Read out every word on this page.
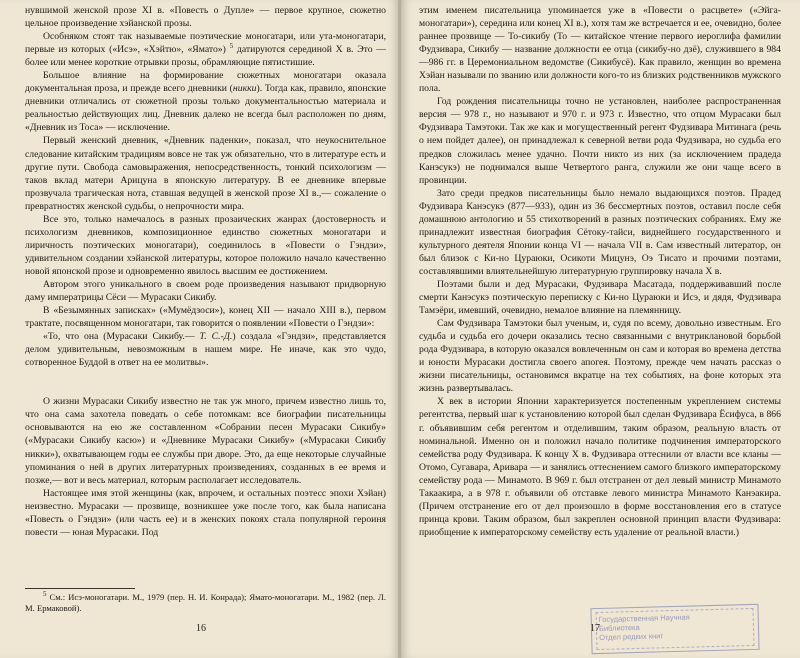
нувшимой женской прозе XI в. «Повесть о Дупле» — первое крупное, сюжетно цельное произведение хэйанской прозы.

Особняком стоят так называемые поэтические моногатари, или ута-моногатари, первые из которых («Исэ», «Хэйтю», «Ямато») $^5$ датируются серединой X в. Это — более или менее короткие отрывки прозы, обрамляющие пятистишие.

Большое влияние на формирование сюжетных моногатари оказала документальная проза, и прежде всего дневники (никки). Тогда как, правило, японские дневники отличались от сюжетной прозы только документальностью материала и реальностью действующих лиц. Дневник далеко не всегда был расположен по дням, «Дневник из Тоса» — исключение.

Первый женский дневник, «Дневник паденки», показал, что неукоснительное следование китайским традициям вовсе не так уж обязательно, что в литературе есть и другие пути. Свобода самовыражения, непосредственность, тонкий психологизм — таков вклад матери Арицуна в японскую литературу. В ее дневнике впервые прозвучала трагическая нота, ставшая ведущей в женской прозе XI в.,— сожаление о превратностях женской судьбы, о непрочности мира.

Все это, только намечалось в разных прозаических жанрах (достоверность и психологизм дневников, композиционное единство сюжетных моногатари и лиричность поэтических моногатари), соединилось в «Повести о Гэндзи», удивительном создании хэйанской литературы, которое положило начало качественно новой японской прозе и одновременно явилось высшим ее достижением.

Автором этого уникального в своем роде произведения называют придворную даму императрицы Сёси — Мурасаки Сикибу.

В «Безымянных записках» («Мумёдзоси»), конец XII — начало XIII в.), первом трактате, посвященном моногатари, так говорится о появлении «Повести о Гэндзи»:

«То, что она (Мурасаки Сикибу.— Т. С.-Д.) создала «Гэндзи», представляется делом удивительным, невозможным в нашем мире. Не иначе, как это чудо, сотворенное Буддой в ответ на ее молитвы».

О жизни Мурасаки Сикибу известно не так уж много, причем известно лишь то, что она сама захотела поведать о себе потомкам: все биографии писательницы основываются на ею же составленном «Собрании песен Мурасаки Сикибу» («Мурасаки Сикибу касю») и «Дневнике Мурасаки Сикибу» («Мурасаки Сикибу никки»), охватывающем годы ее службы при дворе. Это, да еще некоторые случайные упоминания о ней в других литературных произведениях, созданных в ее время и позже,— вот и весь материал, которым располагает исследователь.

Настоящее имя этой женщины (как, впрочем, и остальных поэтесс эпохи Хэйан) неизвестно. Мурасаки — прозвище, возникшее уже после того, как была написана «Повесть о Гэндзи» (или часть ее) и в женских покоях стала популярной героиня повести — юная Мурасаки. Под

$^5$ См.: Исэ-моногатари. М., 1979 (пер. Н. И. Конрада); Ямато-моногатари. М., 1982 (пер. Л. М. Ермаковой).

16

этим именем писательница упоминается уже в «Повести о расцвете» («Эйга-моногатари»), середина или конец XI в.), хотя там же встречается и ее, очевидно, более раннее прозвище — То-сикибу (То — китайское чтение первого иероглифа фамилии Фудзивара, Сикибу — название должности ее отца (сикибу-но дзё), служившего в 984—986 гг. в Церемониальном ведомстве (Сикибусё). Как правило, женщин во времена Хэйан называли по званию или должности кого-то из близких родственников мужского пола.

Год рождения писательницы точно не установлен, наиболее распространенная версия — 978 г., но называют и 970 г. и 973 г. Известно, что отцом Мурасаки был Фудзивара Тамэтоки. Так же как и могущественный регент Фудзивара Митинага (речь о нем пойдет далее), он принадлежал к северной ветви рода Фудзивара, но судьба его предков сложилась менее удачно. Почти никто из них (за исключением прадеда Канэсукэ) не поднимался выше Четвертого ранга, служили же они чаще всего в провинции.

Зато среди предков писательницы было немало выдающихся поэтов. Прадед Фудзивара Канэсукэ (877—933), один из 36 бессмертных поэтов, оставил после себя домашнюю антологию и 55 стихотворений в разных поэтических собраниях. Ему же принадлежит известная биография Сётоку-тайси, виднейшего государственного и культурного деятеля Японии конца VI — начала VII в. Сам известный литератор, он был близок с Ки-но Цураюки, Осикоти Мицунэ, Оэ Тисато и прочими поэтами, составлявшими влиятельнейшую литературную группировку начала X в.

Поэтами были и дед Мурасаки, Фудзивара Масатада, поддерживавший после смерти Канэсукэ поэтическую переписку с Ки-но Цураюки и Исэ, и дядя, Фудзивара Тамэёри, имевший, очевидно, немалое влияние на племянницу.

Сам Фудзивара Тамэтоки был ученым, и, судя по всему, довольно известным. Его судьба и судьба его дочери оказались тесно связанными с внутриклановой борьбой рода Фудзивара, в которую оказался вовлеченным он сам и которая во времена детства и юности Мурасаки достигла своего апогея. Поэтому, прежде чем начать рассказ о жизни писательницы, остановимся вкратце на тех событиях, на фоне которых эта жизнь развертывалась.

X век в истории Японии характеризуется постепенным укреплением системы регентства, первый шаг к установлению которой был сделан Фудзивара Ёсифуса, в 866 г. объявившим себя регентом и отделившим, таким образом, реальную власть от номинальной. Именно он и положил начало политике подчинения императорского семейства роду Фудзивара. К концу X в. Фудзивара оттеснили от власти все кланы — Отомо, Сугавара, Аривара — и занялись оттеснением самого близкого императорскому семейству рода — Минамото. В 969 г. был отстранен от дел левый министр Минамото Такаакира, а в 978 г. объявили об отставке левого министра Минамото Канэакира. (Причем отстранение его от дел произошло в форме восстановления его в статусе принца крови. Таким образом, был закреплен основной принцип власти Фудзивара: приобщение к императорскому семейству есть удаление от реальной власти.)

17
Государственная Научная
Библиотека
Отдел редких книг
